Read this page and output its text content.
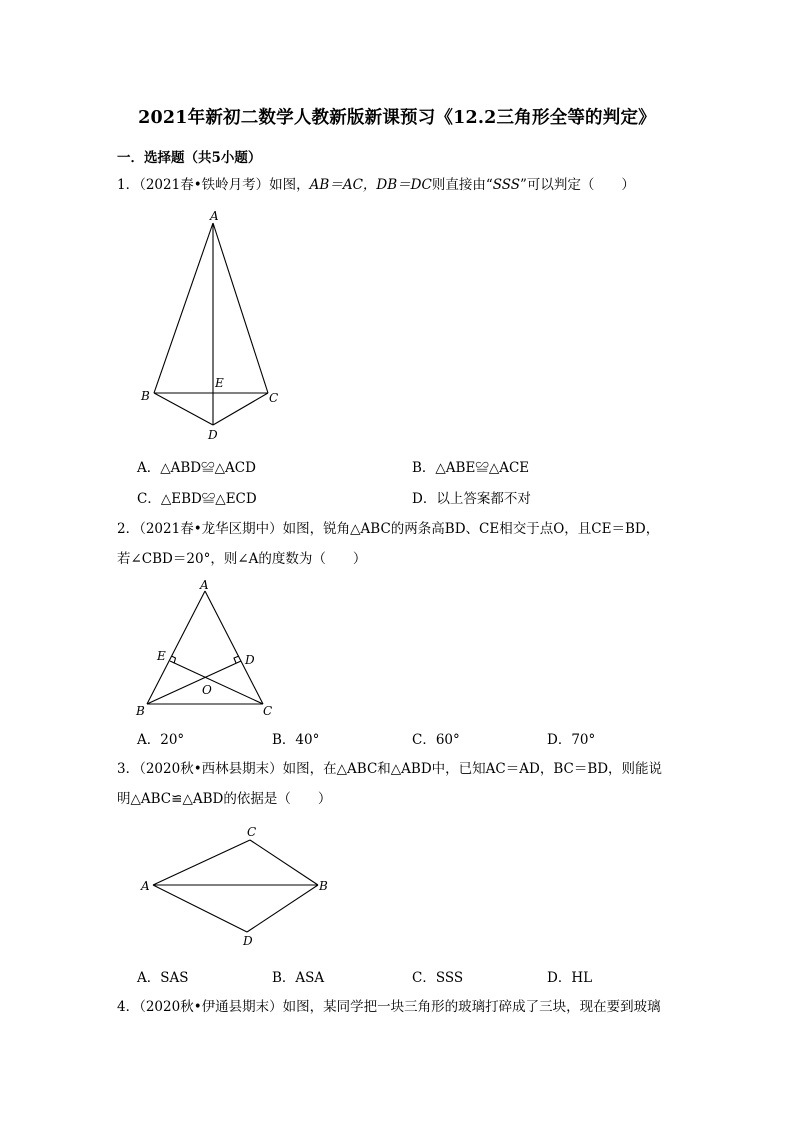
2021年新初二数学人教新版新课预习《12.2三角形全等的判定》
一．选择题（共5小题）
1．（2021春•铁岭月考）如图，AB＝AC，DB＝DC则直接由“SSS”可以判定（　　）
A
B	C
E
D
A．△ABD≌△ACD	B．△ABE≌△ACE
C．△EBD≌△ECD	D．以上答案都不对
2．（2021春•龙华区期中）如图，锐角△ABC的两条高BD、CE相交于点O，且CE＝BD，
若∠CBD＝20°，则∠A的度数为（　　）
A
E	D
O
B	C
A．20°	B．40°	C．60°	D．70°
3．（2020秋•西林县期末）如图，在△ABC和△ABD中，已知AC＝AD，BC＝BD，则能说
明△ABC≌△ABD的依据是（　　）
C
A	B
D
A．SAS	B．ASA	C．SSS	D．HL
4．（2020秋•伊通县期末）如图，某同学把一块三角形的玻璃打碎成了三块，现在要到玻璃
